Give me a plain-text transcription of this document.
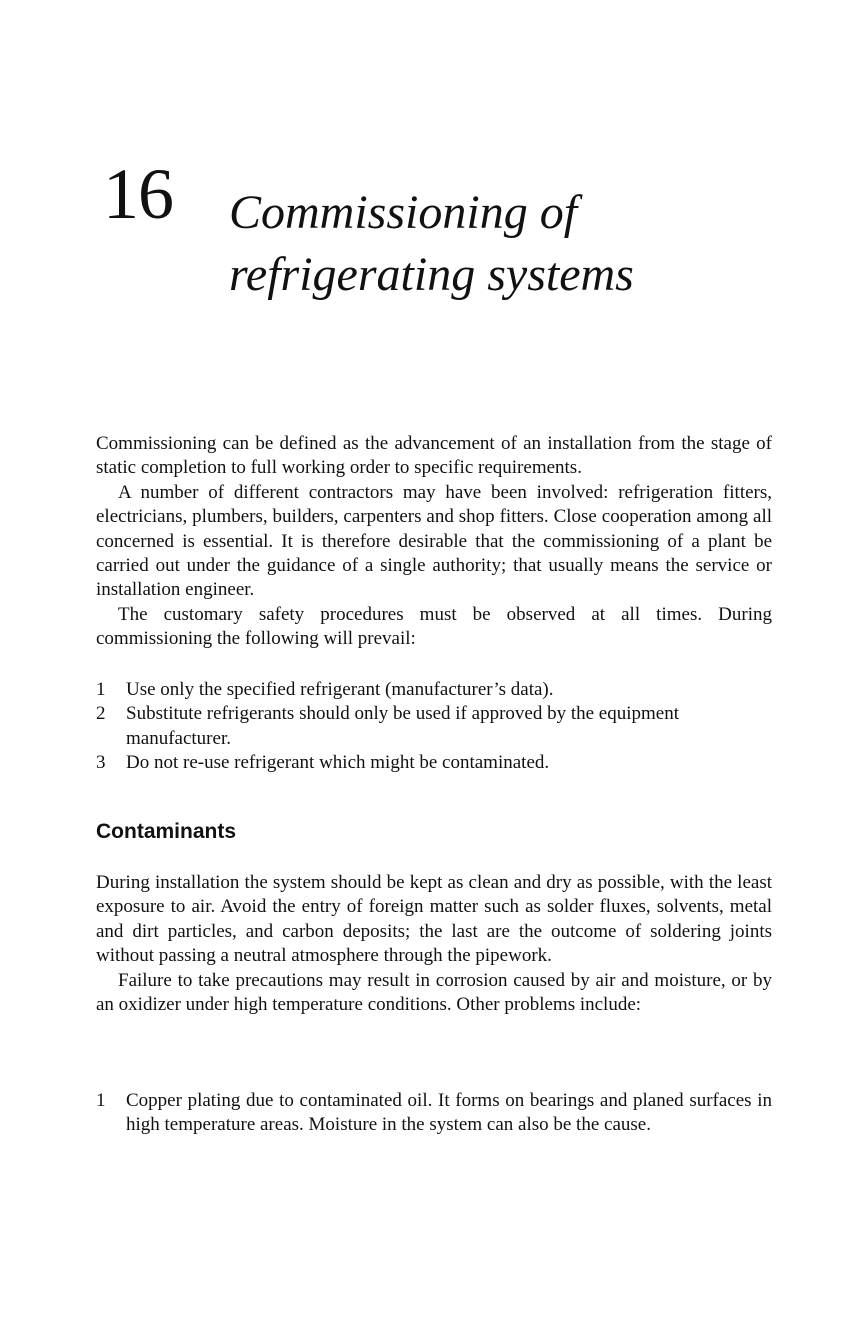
16 Commissioning of
refrigerating systems

Commissioning can be defined as the advancement of an installation from the stage of static completion to full working order to specific requirements.

A number of different contractors may have been involved: refrigeration fitters, electricians, plumbers, builders, carpenters and shop fitters. Close cooperation among all concerned is essential. It is therefore desirable that the commissioning of a plant be carried out under the guidance of a single authority; that usually means the service or installation engineer.

The customary safety procedures must be observed at all times. During commissioning the following will prevail:

1 Use only the specified refrigerant (manufacturer’s data).
2 Substitute refrigerants should only be used if approved by the equipment manufacturer.
3 Do not re-use refrigerant which might be contaminated.
Contaminants

During installation the system should be kept as clean and dry as possible, with the least exposure to air. Avoid the entry of foreign matter such as solder fluxes, solvents, metal and dirt particles, and carbon deposits; the last are the outcome of soldering joints without passing a neutral atmosphere through the pipework.

Failure to take precautions may result in corrosion caused by air and moisture, or by an oxidizer under high temperature conditions. Other problems include:

1 Copper plating due to contaminated oil. It forms on bearings and planed surfaces in high temperature areas. Moisture in the system can also be the cause.
